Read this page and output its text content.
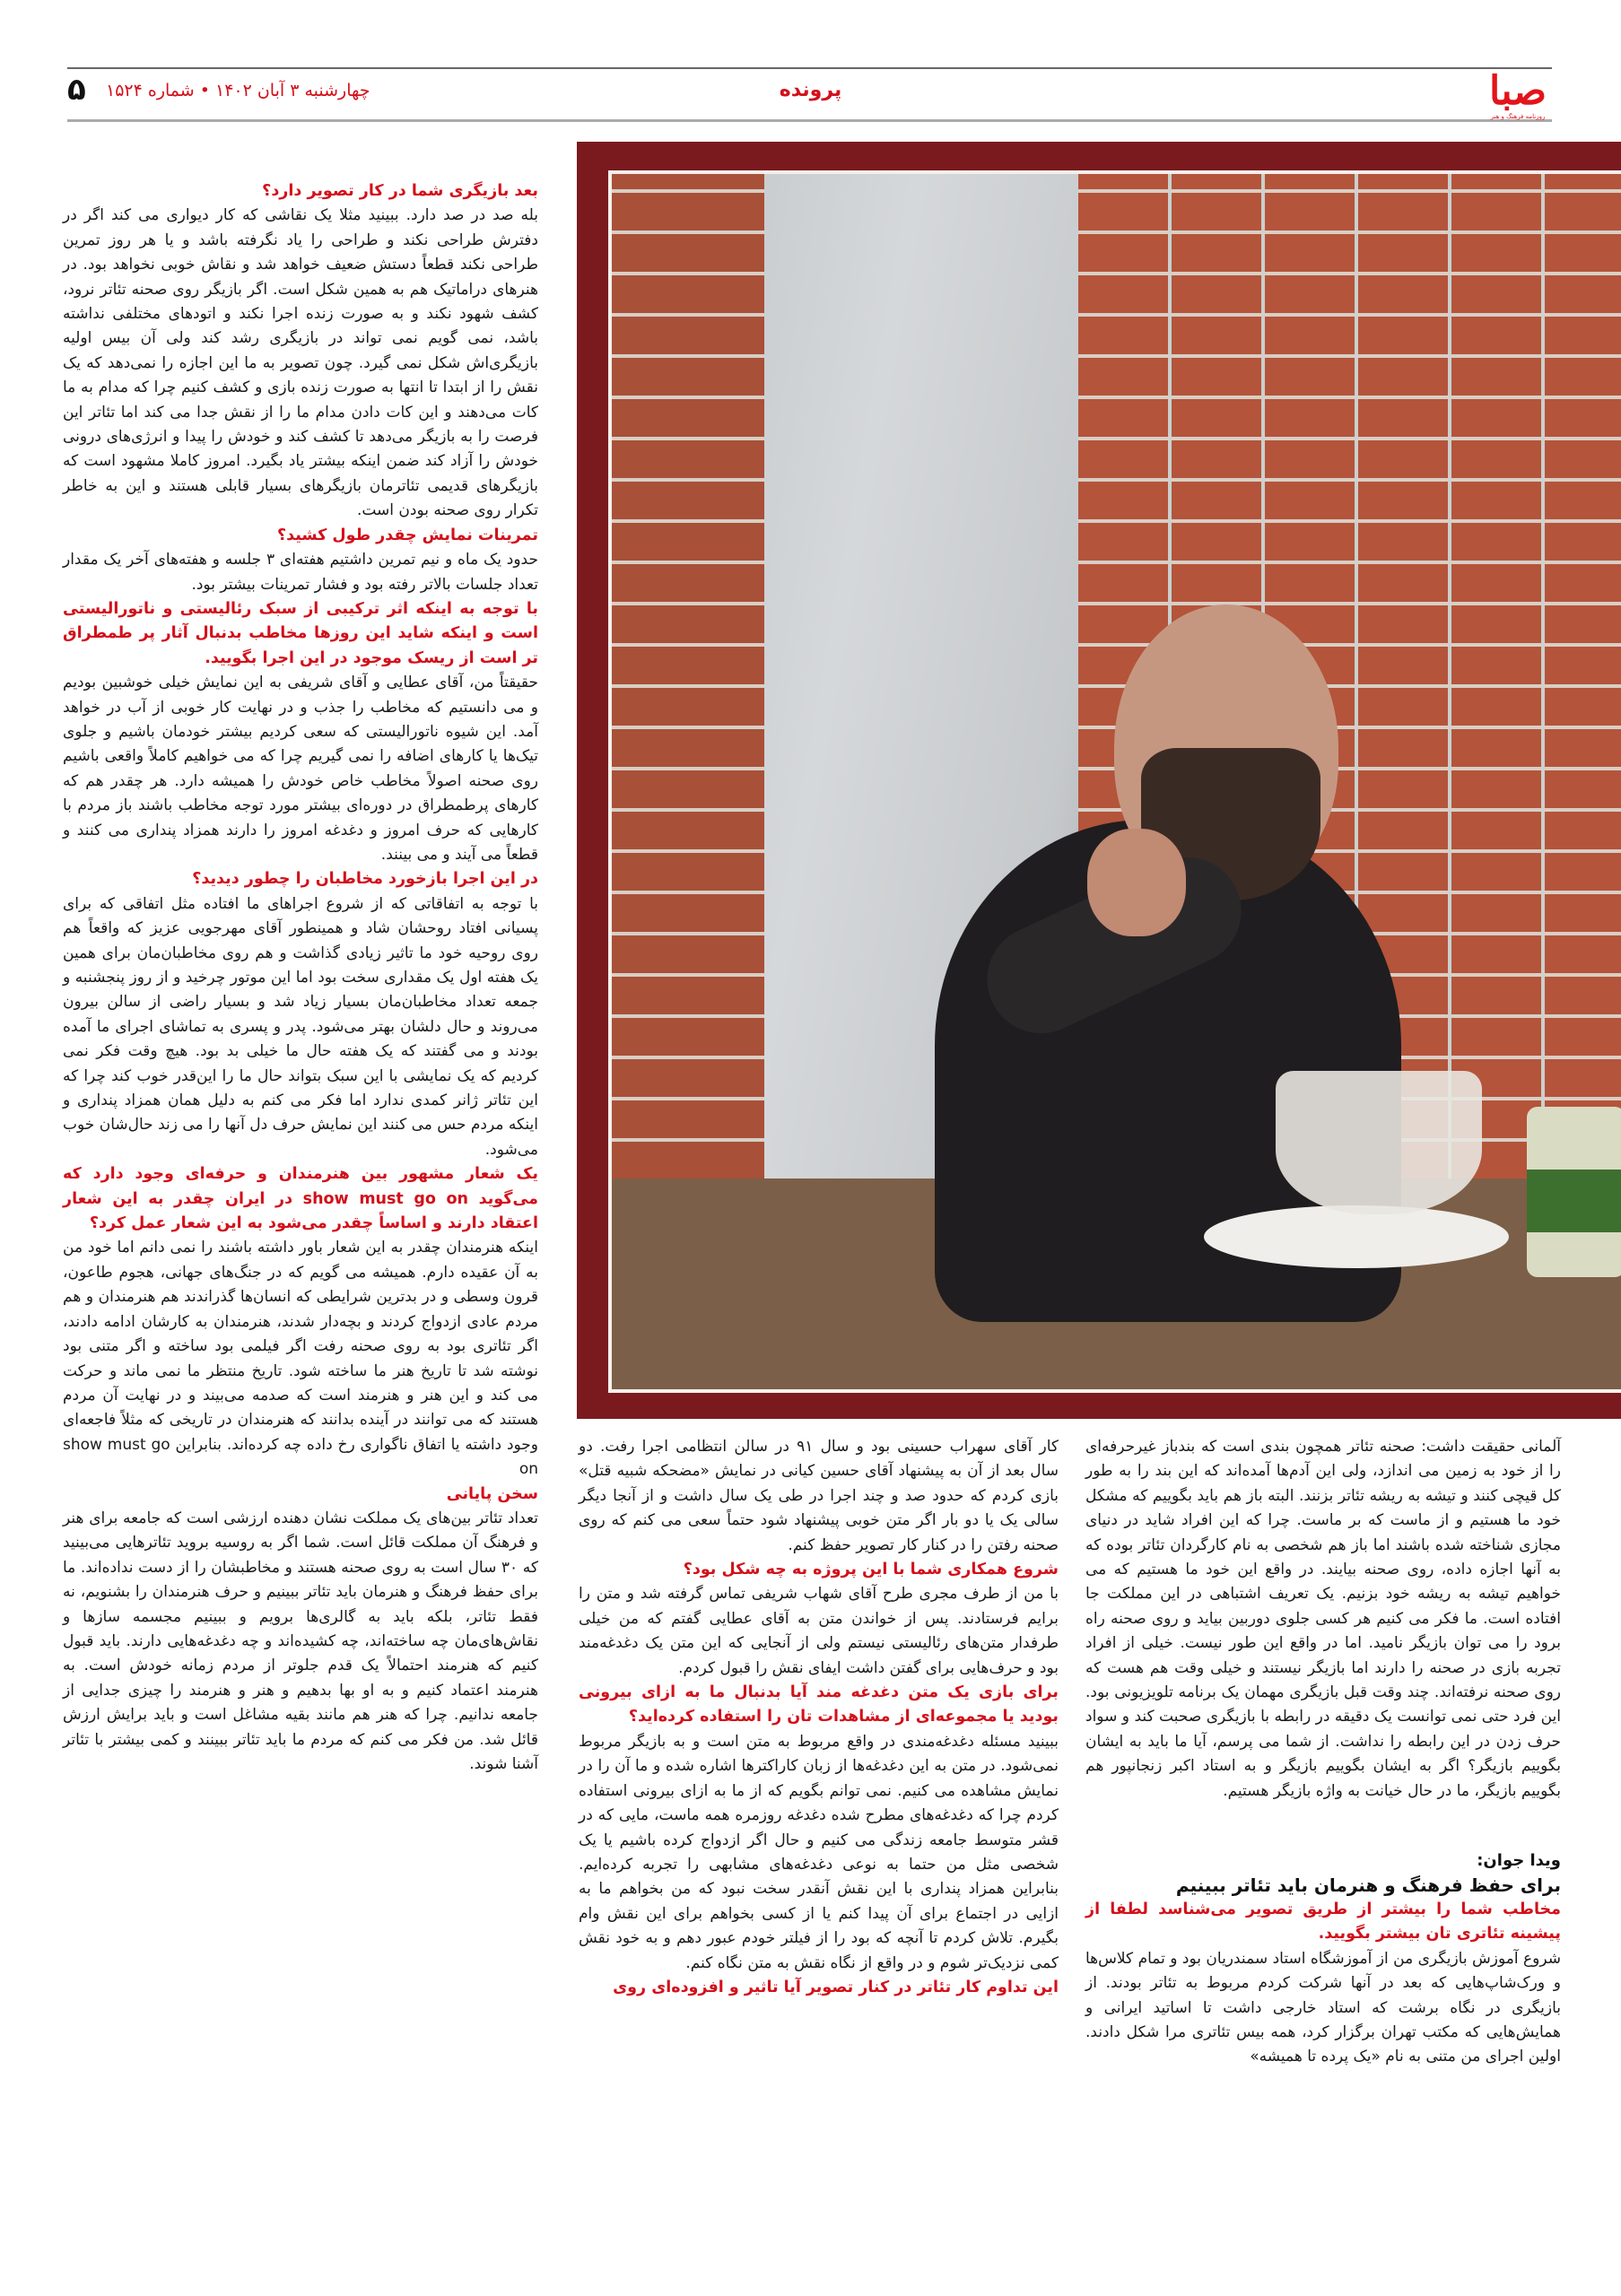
صبا
روزنامه فرهنگ و هنر
پرونده
چهارشنبه ۳ آبان ۱۴۰۲ • شماره ۱۵۲۴
۵

بعد بازیگری شما در کار تصویر دارد؟

بله صد در صد دارد. ببینید مثلا یک نقاشی که کار دیواری می کند اگر در دفترش طراحی نکند و طراحی را یاد نگرفته باشد و یا هر روز تمرین طراحی نکند قطعاً دستش ضعیف خواهد شد و نقاش خوبی نخواهد بود. در هنرهای دراماتیک هم به همین شکل است. اگر بازیگر روی صحنه تئاتر نرود، کشف شهود نکند و به صورت زنده اجرا نکند و اتودهای مختلفی نداشته باشد، نمی گویم نمی تواند در بازیگری رشد کند ولی آن بیس اولیه بازیگری‌اش شکل نمی گیرد. چون تصویر به ما این اجازه را نمی‌دهد که یک نقش را از ابتدا تا انتها به صورت زنده بازی و کشف کنیم چرا که مدام به ما کات می‌دهند و این کات دادن مدام ما را از نقش جدا می کند اما تئاتر این فرصت را به بازیگر می‌دهد تا کشف کند و خودش را پیدا و انرژی‌های درونی خودش را آزاد کند ضمن اینکه بیشتر یاد بگیرد. امروز کاملا مشهود است که بازیگرهای قدیمی تئاترمان بازیگرهای بسیار قابلی هستند و این به خاطر تکرار روی صحنه بودن است.

تمرینات نمایش چقدر طول کشید؟

حدود یک ماه و نیم تمرین داشتیم هفته‌ای ۳ جلسه و هفته‌های آخر یک مقدار تعداد جلسات بالاتر رفته بود و فشار تمرینات بیشتر بود.

با توجه به اینکه اثر ترکیبی از سبک رئالیستی و ناتورالیستی است و اینکه شاید این روزها مخاطب بدنبال آثار پر طمطراق تر است از ریسک موجود در این اجرا بگویید.

حقیقتاً من، آقای عطایی و آقای شریفی به این نمایش خیلی خوشبین بودیم و می دانستیم که مخاطب را جذب و در نهایت کار خوبی از آب در خواهد آمد. این شیوه ناتورالیستی که سعی کردیم بیشتر خودمان باشیم و جلوی تیک‌ها یا کارهای اضافه را نمی گیریم چرا که می خواهیم کاملاً واقعی باشیم روی صحنه اصولاً مخاطب خاص خودش را همیشه دارد. هر چقدر هم که کارهای پرطمطراق در دوره‌ای بیشتر مورد توجه مخاطب باشند باز مردم با کارهایی که حرف امروز و دغدغه امروز را دارند همزاد پنداری می کنند و قطعاً می آیند و می بینند.

در این اجرا بازخورد مخاطبان را چطور دیدید؟

با توجه به اتفاقاتی که از شروع اجراهای ما افتاده مثل اتفاقی که برای پسیانی افتاد روحشان شاد و همینطور آقای مهرجویی عزیز که واقعاً هم روی روحیه خود ما تاثیر زیادی گذاشت و هم روی مخاطبان‌مان برای همین یک هفته اول یک مقداری سخت بود اما این موتور چرخید و از روز پنجشنبه و جمعه تعداد مخاطبان‌مان بسیار زیاد شد و بسیار راضی از سالن بیرون می‌روند و حال دلشان بهتر می‌شود. پدر و پسری به تماشای اجرای ما آمده بودند و می گفتند که یک هفته حال ما خیلی بد بود. هیچ وقت فکر نمی کردیم که یک نمایشی با این سبک بتواند حال ما را این‌قدر خوب کند چرا که این تئاتر ژانر کمدی ندارد اما فکر می کنم به دلیل همان همزاد پنداری و اینکه مردم حس می کنند این نمایش حرف دل آنها را می زند حال‌شان خوب می‌شود.

یک شعار مشهور بین هنرمندان و حرفه‌ای وجود دارد که می‌گوید show must go on در ایران چقدر به این شعار اعتقاد دارند و اساساً چقدر می‌شود به این شعار عمل کرد؟

اینکه هنرمندان چقدر به این شعار باور داشته باشند را نمی دانم اما خود من به آن عقیده دارم. همیشه می گویم که در جنگ‌های جهانی، هجوم طاعون، قرون وسطی و در بدترین شرایطی که انسان‌ها گذراندند هم هنرمندان و هم مردم عادی ازدواج کردند و بچه‌دار شدند، هنرمندان به کارشان ادامه دادند، اگر تئاتری بود به روی صحنه رفت اگر فیلمی بود ساخته و اگر متنی بود نوشته شد تا تاریخ هنر ما ساخته شود. تاریخ منتظر ما نمی ماند و حرکت می کند و این هنر و هنرمند است که صدمه می‌بیند و در نهایت آن مردم هستند که می توانند در آینده بدانند که هنرمندان در تاریخی که مثلاً فاجعه‌ای وجود داشته یا اتفاق ناگواری رخ داده چه کرده‌اند. بنابراین show must go on

سخن پایانی

تعداد تئاتر بین‌های یک مملکت نشان دهنده ارزشی است که جامعه برای هنر و فرهنگ آن مملکت قائل است. شما اگر به روسیه بروید تئاترهایی می‌بینید که ۳۰ سال است به روی صحنه هستند و مخاطبشان را از دست نداده‌اند. ما برای حفظ فرهنگ و هنرمان باید تئاتر ببینیم و حرف هنرمندان را بشنویم، نه فقط تئاتر، بلکه باید به گالری‌ها برویم و ببینیم مجسمه سازها و نقاش‌های‌مان چه ساخته‌اند، چه کشیده‌اند و چه دغدغه‌هایی دارند. باید قبول کنیم که هنرمند احتمالاً یک قدم جلوتر از مردم زمانه خودش است. به هنرمند اعتماد کنیم و به او بها بدهیم و هنر و هنرمند را چیزی جدایی از جامعه ندانیم. چرا که هنر هم مانند بقیه مشاغل است و باید برایش ارزش قائل شد. من فکر می کنم که مردم ما باید تئاتر ببینند و کمی بیشتر با تئاتر آشنا شوند.

کار آقای سهراب حسینی بود و سال ۹۱ در سالن انتظامی اجرا رفت. دو سال بعد از آن به پیشنهاد آقای حسین کیانی در نمایش «مضحکه شبیه قتل» بازی کردم که حدود صد و چند اجرا در طی یک سال داشت و از آنجا دیگر سالی یک یا دو بار اگر متن خوبی پیشنهاد شود حتماً سعی می کنم که روی صحنه رفتن را در کنار کار تصویر حفظ کنم.

شروع همکاری شما با این پروژه به چه شکل بود؟

با من از طرف مجری طرح آقای شهاب شریفی تماس گرفته شد و متن را برایم فرستادند. پس از خواندن متن به آقای عطایی گفتم که من خیلی طرفدار متن‌های رئالیستی نیستم ولی از آنجایی که این متن یک دغدغه‌مند بود و حرف‌هایی برای گفتن داشت ایفای نقش را قبول کردم.

برای بازی یک متن دغدغه مند آیا بدنبال ما به ازای بیرونی بودید یا مجموعه‌ای از مشاهدات تان را استفاده کرده‌اید؟

ببینید مسئله دغدغه‌مندی در واقع مربوط به متن است و به بازیگر مربوط نمی‌شود. در متن به این دغدغه‌ها از زبان کاراکترها اشاره شده و ما آن را در نمایش مشاهده می کنیم. نمی توانم بگویم که از ما به ازای بیرونی استفاده کردم چرا که دغدغه‌های مطرح شده دغدغه روزمره همه ماست، مایی که در قشر متوسط جامعه زندگی می کنیم و حال اگر ازدواج کرده باشیم یا یک شخصی مثل من حتما به نوعی دغدغه‌های مشابهی را تجربه کرده‌ایم. بنابراین همزاد پنداری با این نقش آنقدر سخت نبود که من بخواهم ما به ازایی در اجتماع برای آن پیدا کنم یا از کسی بخواهم برای این نقش وام بگیرم. تلاش کردم تا آنچه که بود را از فیلتر خودم عبور دهم و به خود نقش کمی نزدیک‌تر شوم و در واقع از نگاه نقش به متن نگاه کنم.

این تداوم کار تئاتر در کنار تصویر آیا تاثیر و افزوده‌ای روی

آلمانی حقیقت داشت: صحنه تئاتر همچون بندی است که بندباز غیرحرفه‌ای را از خود به زمین می اندازد، ولی این آدم‌ها آمده‌اند که این بند را به طور کل قیچی کنند و تیشه به ریشه تئاتر بزنند. البته باز هم باید بگوییم که مشکل خود ما هستیم و از ماست که بر ماست. چرا که این افراد شاید در دنیای مجازی شناخته شده باشند اما باز هم شخصی به نام کارگردان تئاتر بوده که به آنها اجازه داده، روی صحنه بیایند. در واقع این خود ما هستیم که می خواهیم تیشه به ریشه خود بزنیم. یک تعریف اشتباهی در این مملکت جا افتاده است. ما فکر می کنیم هر کسی جلوی دوربین بیاید و روی صحنه راه برود را می توان بازیگر نامید. اما در واقع این طور نیست. خیلی از افراد تجربه بازی در صحنه را دارند اما بازیگر نیستند و خیلی وقت هم هست که روی صحنه نرفته‌اند. چند وقت قبل بازیگری مهمان یک برنامه تلویزیونی بود. این فرد حتی نمی توانست یک دقیقه در رابطه با بازیگری صحبت کند و سواد حرف زدن در این رابطه را نداشت. از شما می پرسم، آیا ما باید به ایشان بگوییم بازیگر؟ اگر به ایشان بگوییم بازیگر و به استاد اکبر زنجانپور هم بگوییم بازیگر، ما در حال خیانت به واژه بازیگر هستیم.

ویدا جوان:

برای حفظ فرهنگ و هنرمان باید تئاتر ببینیم

مخاطب شما را بیشتر از طریق تصویر می‌شناسد لطفا از پیشینه تئاتری تان بیشتر بگویید.

شروع آموزش بازیگری من از آموزشگاه استاد سمندریان بود و تمام کلاس‌ها و ورک‌شاپ‌هایی که بعد در آنها شرکت کردم مربوط به تئاتر بودند. از بازیگری در نگاه برشت که استاد خارجی داشت تا اساتید ایرانی و همایش‌هایی که مکتب تهران برگزار کرد، همه بیس تئاتری مرا شکل دادند. اولین اجرای من متنی به نام «یک پرده تا همیشه»
